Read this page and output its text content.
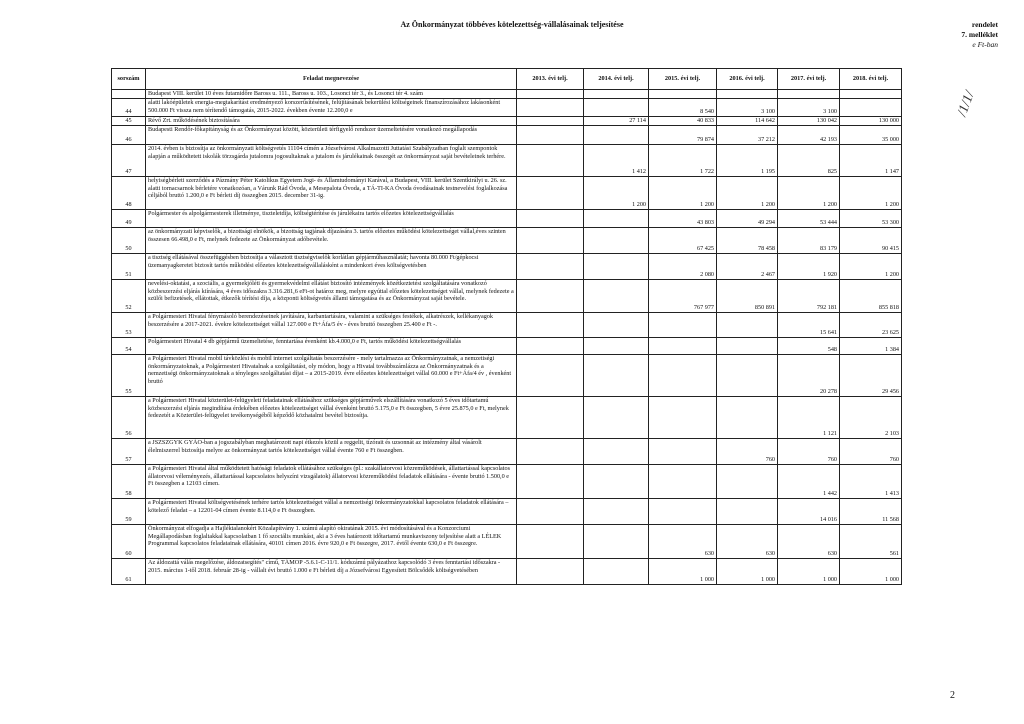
Az Önkormányzat többéves kötelezettség-vállalásainak teljesítése	rendelet
7. melléklet
e Ft-ban
/1/1/
sorszám	Feladat megnevezése	2013. évi telj.	2014. évi telj.	2015. évi telj.	2016. évi telj.	2017. évi telj.	2018. évi telj.
	Budapest VIII. kerület 10 éves futamidőre Baross u. 111., Baross u. 103., Losonci tér 3., és Losonci tér 4. szám						
44	alatti lakóépületek energia-megtakarítást eredményező korszerűsítésének, felújításának bekerülési költségeinek finanszírozásához lakásonként 500.000 Ft vissza nem térítendő támogatás, 2015-2022. években évente 12.200,0 e			8 540	3 100	3 100	
45	Révő Zrt. működésének biztosítására		27 114	40 833	114 642	130 042	130 000
46	Budapesti Rendőr-főkapitányság és az Önkormányzat között, közterületi térfigyelő rendszer üzemeltetésére vonatkozó megállapodás			79 874	37 212	42 193	35 000
47	2014. évben is biztosítja az önkormányzati költségvetés 11104 címén a Józsefvárosi Alkalmazotti Juttatási Szabályzatban foglalt szempontok alapján a működtetett iskolák törzsgárda jutalomra jogosultaknak a jutalom és járulékainak összegét az önkormányzat saját bevételeinek terhére.		1 412	1 722	1 195	825	1 147
48	helyiségbérleti szerződés a Pázmány Péter Katolikus Egyetem Jogi- és Államtudományi Karával, a Budapest, VIII. kerület Szentkirályi u. 26. sz. alatti tornacsarnok bérletére vonatkozóan, a Várunk Rád Óvoda, a Mesepalota Óvoda, a TÁ-TI-KA Óvoda óvodásainak testnevelési foglalkozása céljából bruttó 1.200,0 e Ft bérleti díj összegben 2015. december 31-ig.		1 200	1 200	1 200	1 200	1 200
49	Polgármester és alpolgármesterek illetménye, tiszteletdíja, költségtérítése és járulékaira tartós előzetes kötelezettségvállalás			43 803	49 294	53 444	53 300
50	az önkormányzati képviselők, a bizottsági elnökök, a bizottság tagjának díjazására 3. tartós előzetes működési kötelezettséget vállal,éves szinten összesen 66.498,0 e Ft, melynek fedezete az Önkormányzat adóbevétele.			67 425	78 458	83 179	90 415
51	a tisztség ellátásával összefüggésben biztosítja a választott tisztségviselők korlátlan gépjárműhasználatát; havonta 80.000 Ft/gépkocsi üzemanyagkeretet biztosít tartós működési előzetes kötelezettségvállalásként a mindenkori éves költségvetésben			2 080	2 467	1 920	1 200
52	nevelési-oktatási, a szociális, a gyermekjóléti és gyermekvédelmi ellátást biztosító intézmények közétkeztetési szolgáltatására vonatkozó közbeszerzési eljárás kiírására, 4 éves időszakra 3.316.281,6 eFt-ot határoz meg, melyre egyúttal előzetes kötelezettséget vállal, melynek fedezete a szülői befizetések, ellátottak, étkezők térítési díja, a központi költségvetés állami támogatása és az Önkormányzat saját bevétele.			767 977	850 891	792 181	855 818
53	a Polgármesteri Hivatal fénymásoló berendezéseinek javítására, karbantartására, valamint a szükséges festékek, alkatrészek, kellékanyagok beszerzésére a 2017-2021. évekre kötelezettséget vállal 127.000 e Ft+Áfa/5 év - éves bruttó összegben 25.400 e Ft -.					15 641	23 625
54	Polgármesteri Hivatal 4 db gépjármű üzemeltetése, fenntartása évenként kb.4.000,0 e Ft, tartós működési kötelezettségvállalás					548	1 384
55	a Polgármesteri Hivatal mobil távközlési és mobil internet szolgáltatás beszerzésére - mely tartalmazza az Önkormányzatnak, a nemzetiségi önkormányzatoknak, a Polgármesteri Hivatalnak a szolgáltatást, oly módon, hogy a Hivatal továbbszámlázza az Önkormányzatnak és a nemzetiségi önkormányzatoknak a tényleges szolgáltatási díjat – a 2015-2019. évre előzetes kötelezettséget vállal 60.000 e Ft+Áfa/4 év , évenként bruttó					20 278	29 456
56	a Polgármesteri Hivatal közterület-felügyeleti feladatainak ellátásához szükséges gépjárművek elszállítására vonatkozó 5 éves időtartamú közbeszerzési eljárás megindítása érdekében előzetes kötelezettséget vállal évenként bruttó 5.175,0 e Ft összegben, 5 évre 25.875,0 e Ft, melynek fedezetét a Közterület-felügyelet tevékenységéből képződő közhatalmi bevétel biztosítja.					1 121	2 103
57	a JSZSZGYK GYÁO-ban a jogszabályban meghatározott napi étkezés közül a reggelit, tízórait és uzsonnát az intézmény által vásárolt élelmiszerrel biztosítja melyre az önkormányzat tartós kötelezettséget vállal évente 760 e Ft összegben.				760	760	760
58	a Polgármesteri Hivatal által működtetett hatósági feladatok ellátásához szükséges (pl.: szakállatorvosi közreműködések, állattartással kapcsolatos állatorvosi véleményezés, állattartással kapcsolatos helyszíni vizsgálatok) állatorvosi közreműködési feladatok ellátására - évente bruttó 1.500,0 e Ft összegben a 12103 címen.					1 442	1 413
59	a Polgármesteri Hivatal költségvetésének terhére tartós kötelezettséget vállal a nemzetiségi önkormányzatokkal kapcsolatos feladatok ellátására – kötelező feladat – a 12201-04 címen évente 8.114,0 e Ft összegben.					14 016	11 568
60	Önkormányzat elfogadja a Hajléktalanokért Közalapítvány 1. számú alapító okiratának 2015. évi módosításával és a Konzorciumi Megállapodásban foglaltakkal kapcsolatban 1 fő szociális munkást, aki a 3 éves határozott időtartamú munkaviszony teljesítése alatt a LÉLEK Programmal kapcsolatos feladatainak ellátására, 40101 címen 2016. évre 920,0 e Ft összegre, 2017. évtől évente 630,0 e Ft összegre.			630	630	630	561
61	Az áldozattá válás megelőzése, áldozatsegítés" című, TÁMOP -5.6.1-C-11/1. kódszámú pályázathoz kapcsolódó 3 éves fenntartási időszakra - 2015. március 1-től 2018. február 28-ig - vállalt évi bruttó 1.000 e Ft bérleti díj a Józsefvárosi Egyesített Bölcsődék költségvetésében			1 000	1 000	1 000	1 000
2
